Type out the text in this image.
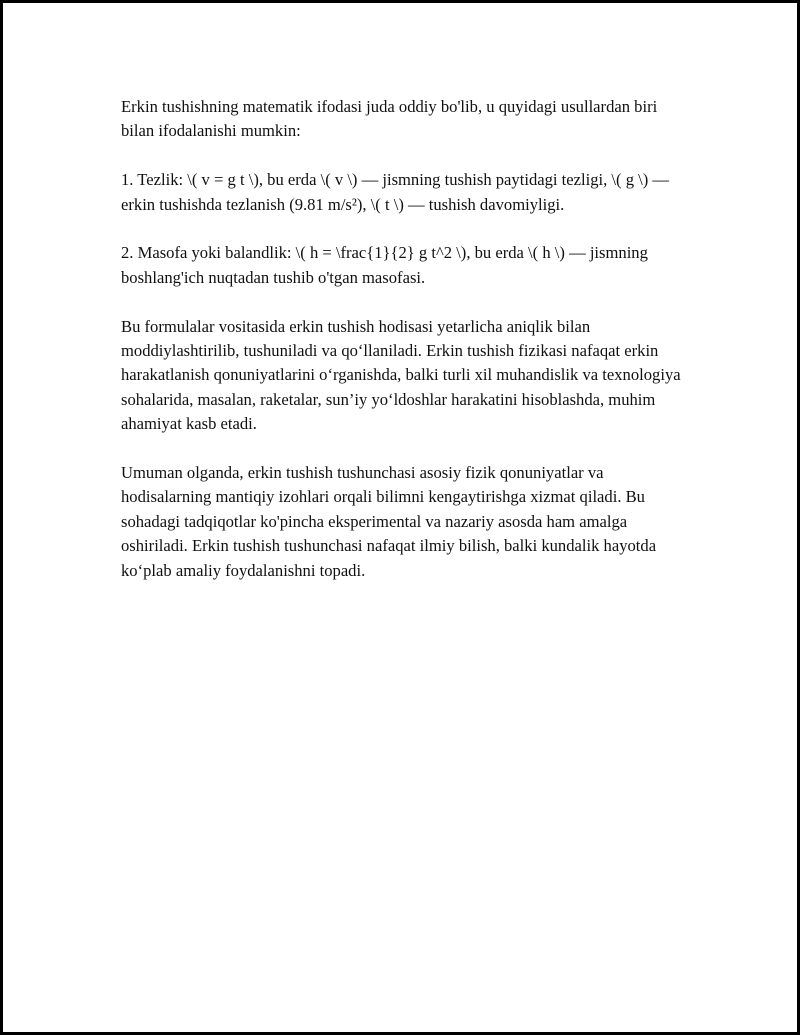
Erkin tushishning matematik ifodasi juda oddiy bo'lib, u quyidagi usullardan biri bilan ifodalanishi mumkin:

1. Tezlik: \( v = g t \), bu erda \( v \) — jismning tushish paytidagi tezligi, \( g \) — erkin tushishda tezlanish (9.81 m/s²), \( t \) — tushish davomiyligi.

2. Masofa yoki balandlik: \( h = \frac{1}{2} g t^2 \), bu erda \( h \) — jismning boshlang'ich nuqtadan tushib o'tgan masofasi.

Bu formulalar vositasida erkin tushish hodisasi yetarlicha aniqlik bilan moddiylashtirilib, tushuniladi va qo‘llaniladi. Erkin tushish fizikasi nafaqat erkin harakatlanish qonuniyatlarini o‘rganishda, balki turli xil muhandislik va texnologiya sohalarida, masalan, raketalar, sun’iy yo‘ldoshlar harakatini hisoblashda, muhim ahamiyat kasb etadi.

Umuman olganda, erkin tushish tushunchasi asosiy fizik qonuniyatlar va hodisalarning mantiqiy izohlari orqali bilimni kengaytirishga xizmat qiladi. Bu sohadagi tadqiqotlar ko'pincha eksperimental va nazariy asosda ham amalga oshiriladi. Erkin tushish tushunchasi nafaqat ilmiy bilish, balki kundalik hayotda ko‘plab amaliy foydalanishni topadi.
